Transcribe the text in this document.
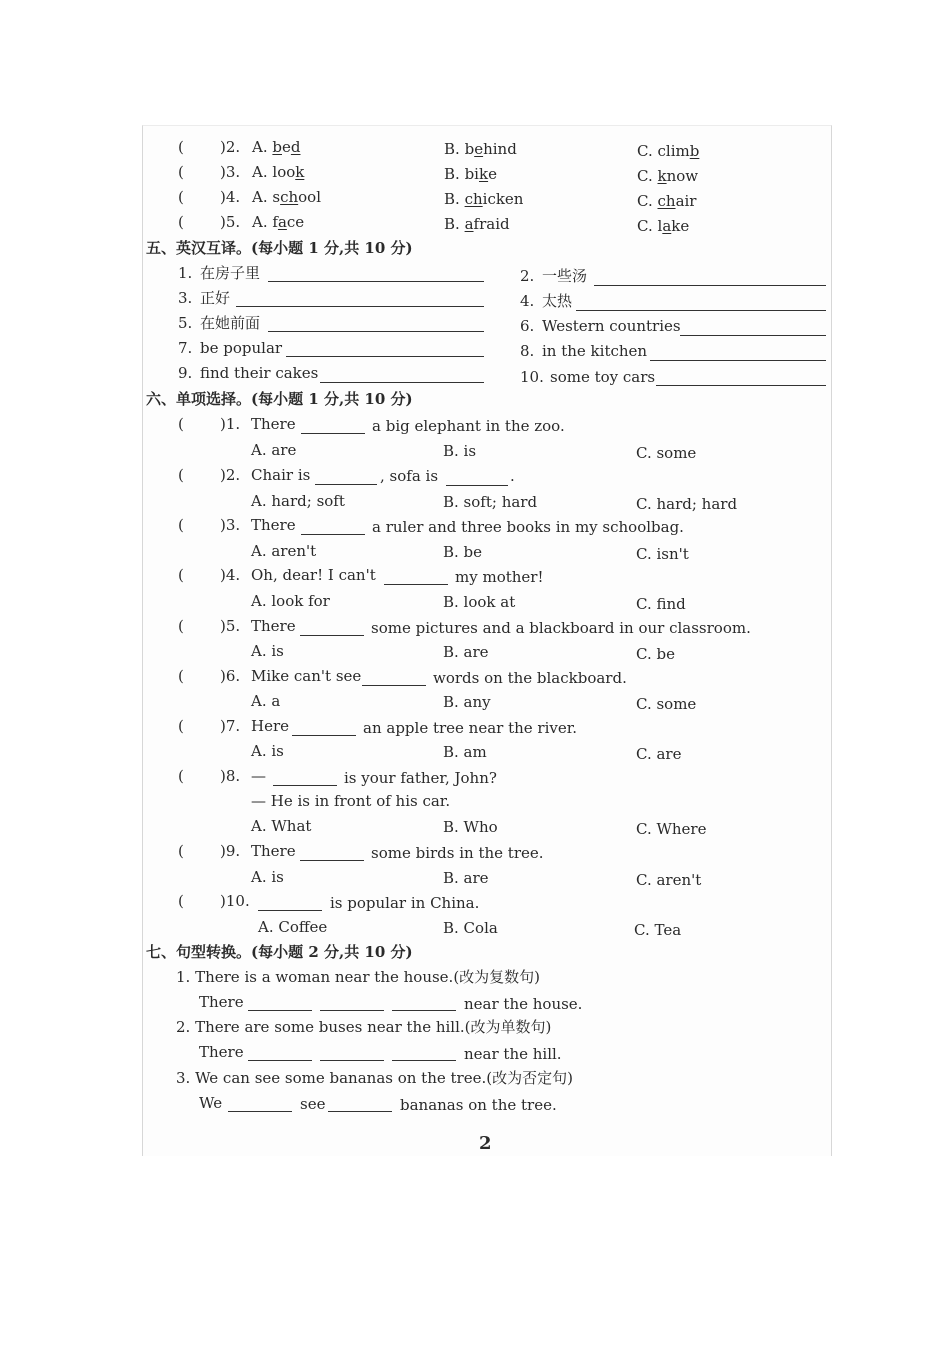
( )2. A. bed	B. behind	C. climb
( )3. A. look	B. bike	C. know
( )4. A. school	B. chicken	C. chair
( )5. A. face	B. afraid	C. lake
五、英汉互译。(每小题 1 分,共 10 分)
1. 在房子里	2. 一些汤
3. 正好	4. 太热
5. 在她前面	6. Western countries
7. be popular	8. in the kitchen
9. find their cakes	10. some toy cars
六、单项选择。(每小题 1 分,共 10 分)
( )1. There	a big elephant in the zoo.
A. are	B. is	C. some
( )2. Chair is	, sofa is	.
A. hard; soft	B. soft; hard	C. hard; hard
( )3. There	a ruler and three books in my schoolbag.
A. aren't	B. be	C. isn't
( )4. Oh, dear! I can't	my mother!
A. look for	B. look at	C. find
( )5. There	some pictures and a blackboard in our classroom.
A. is	B. are	C. be
( )6. Mike can't see	words on the blackboard.
A. a	B. any	C. some
( )7. Here	an apple tree near the river.
A. is	B. am	C. are
( )8. —	is your father, John?
— He is in front of his car.
A. What	B. Who	C. Where
( )9. There	some birds in the tree.
A. is	B. are	C. aren't
( )10.	is popular in China.
A. Coffee	B. Cola	C. Tea
七、句型转换。(每小题 2 分,共 10 分)
1. There is a woman near the house.(改为复数句)
There	near the house.
2. There are some buses near the hill.(改为单数句)
There	near the hill.
3. We can see some bananas on the tree.(改为否定句)
We	see	bananas on the tree.
2
